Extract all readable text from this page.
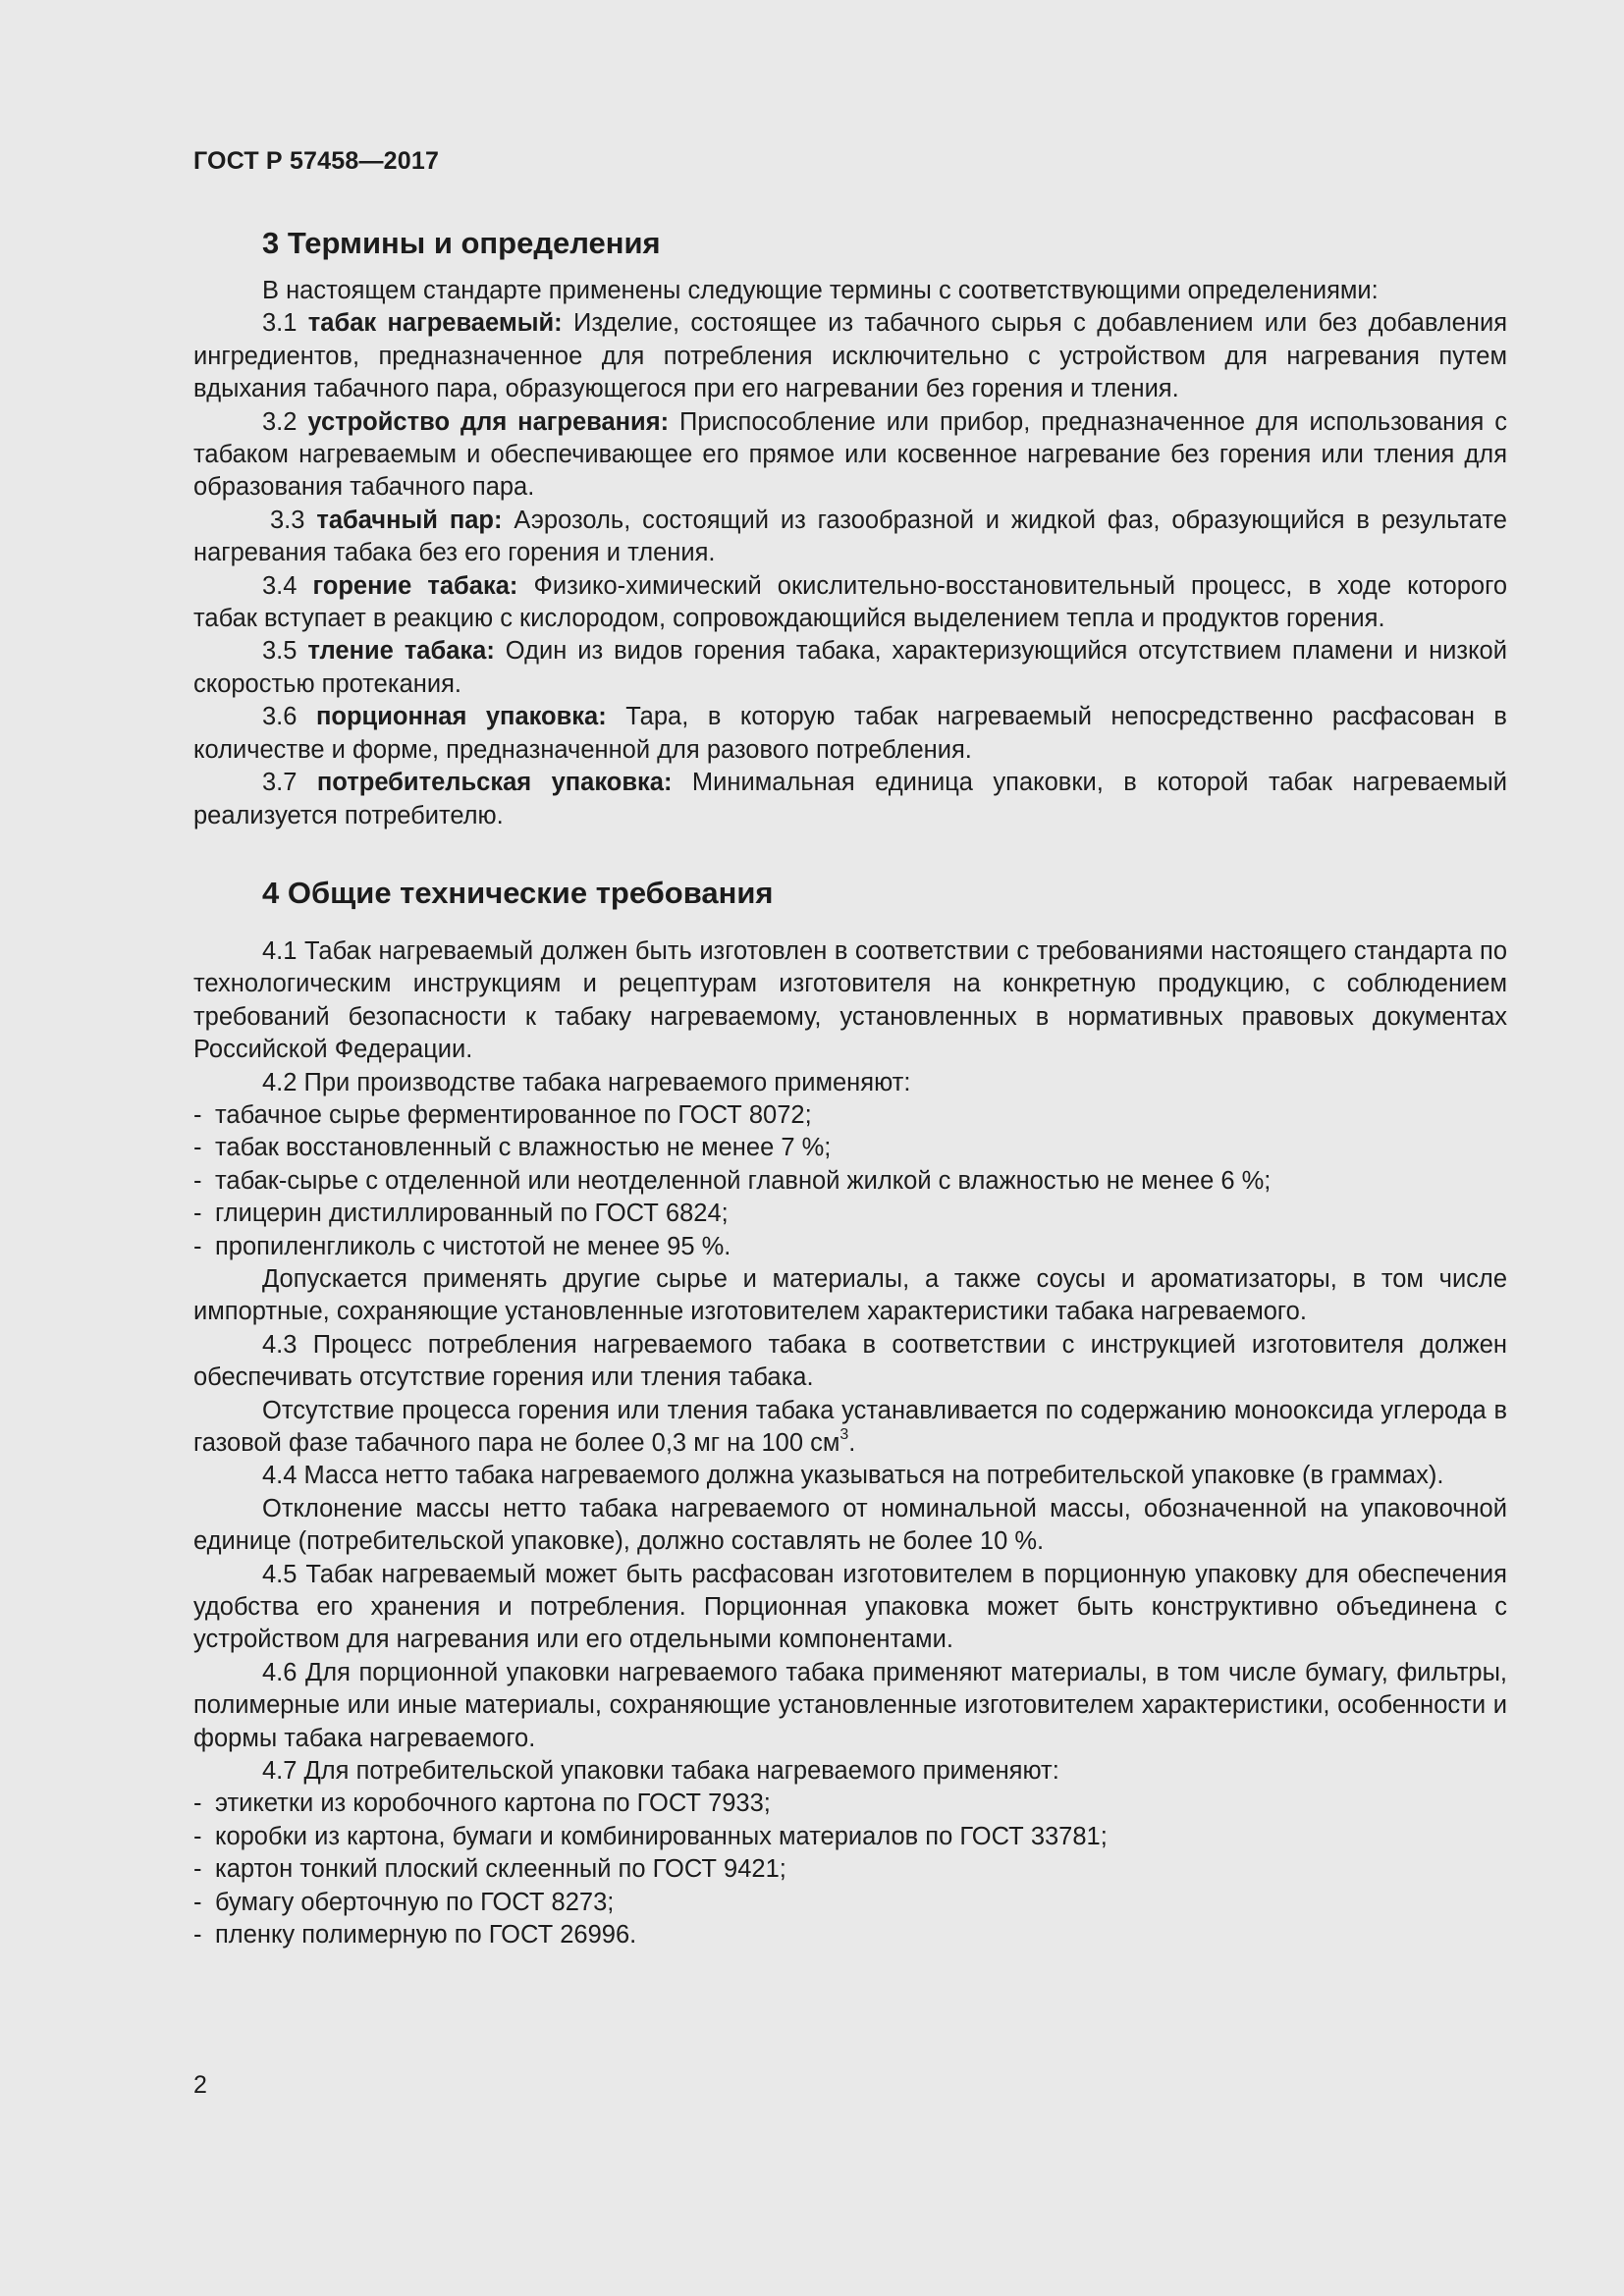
ГОСТ Р 57458—2017
3 Термины и определения

В настоящем стандарте применены следующие термины с соответствующими определениями:

3.1 табак нагреваемый: Изделие, состоящее из табачного сырья с добавлением или без добавления ингредиентов, предназначенное для потребления исключительно с устройством для нагревания путем вдыхания табачного пара, образующегося при его нагревании без горения и тления.

3.2 устройство для нагревания: Приспособление или прибор, предназначенное для использования с табаком нагреваемым и обеспечивающее его прямое или косвенное нагревание без горения или тления для образования табачного пара.

3.3 табачный пар: Аэрозоль, состоящий из газообразной и жидкой фаз, образующийся в результате нагревания табака без его горения и тления.

3.4 горение табака: Физико-химический окислительно-восстановительный процесс, в ходе которого табак вступает в реакцию с кислородом, сопровождающийся выделением тепла и продуктов горения.

3.5 тление табака: Один из видов горения табака, характеризующийся отсутствием пламени и низкой скоростью протекания.

3.6 порционная упаковка: Тара, в которую табак нагреваемый непосредственно расфасован в количестве и форме, предназначенной для разового потребления.

3.7 потребительская упаковка: Минимальная единица упаковки, в которой табак нагреваемый реализуется потребителю.

4 Общие технические требования

4.1 Табак нагреваемый должен быть изготовлен в соответствии с требованиями настоящего стандарта по технологическим инструкциям и рецептурам изготовителя на конкретную продукцию, с соблюдением требований безопасности к табаку нагреваемому, установленных в нормативных правовых документах Российской Федерации.

4.2 При производстве табака нагреваемого применяют:

- табачное сырье ферментированное по ГОСТ 8072;

- табак восстановленный с влажностью не менее 7 %;

- табак-сырье с отделенной или неотделенной главной жилкой с влажностью не менее 6 %;

- глицерин дистиллированный по ГОСТ 6824;

- пропиленгликоль с чистотой не менее 95 %.

Допускается применять другие сырье и материалы, а также соусы и ароматизаторы, в том числе импортные, сохраняющие установленные изготовителем характеристики табака нагреваемого.

4.3 Процесс потребления нагреваемого табака в соответствии с инструкцией изготовителя должен обеспечивать отсутствие горения или тления табака.

Отсутствие процесса горения или тления табака устанавливается по содержанию монооксида углерода в газовой фазе табачного пара не более 0,3 мг на 100 $см^3$.

4.4 Масса нетто табака нагреваемого должна указываться на потребительской упаковке (в граммах).

Отклонение массы нетто табака нагреваемого от номинальной массы, обозначенной на упаковочной единице (потребительской упаковке), должно составлять не более 10 %.

4.5 Табак нагреваемый может быть расфасован изготовителем в порционную упаковку для обеспечения удобства его хранения и потребления. Порционная упаковка может быть конструктивно объединена с устройством для нагревания или его отдельными компонентами.

4.6 Для порционной упаковки нагреваемого табака применяют материалы, в том числе бумагу, фильтры, полимерные или иные материалы, сохраняющие установленные изготовителем характеристики, особенности и формы табака нагреваемого.

4.7 Для потребительской упаковки табака нагреваемого применяют:

- этикетки из коробочного картона по ГОСТ 7933;

- коробки из картона, бумаги и комбинированных материалов по ГОСТ 33781;

- картон тонкий плоский склеенный по ГОСТ 9421;

- бумагу оберточную по ГОСТ 8273;

- пленку полимерную по ГОСТ 26996.

2
